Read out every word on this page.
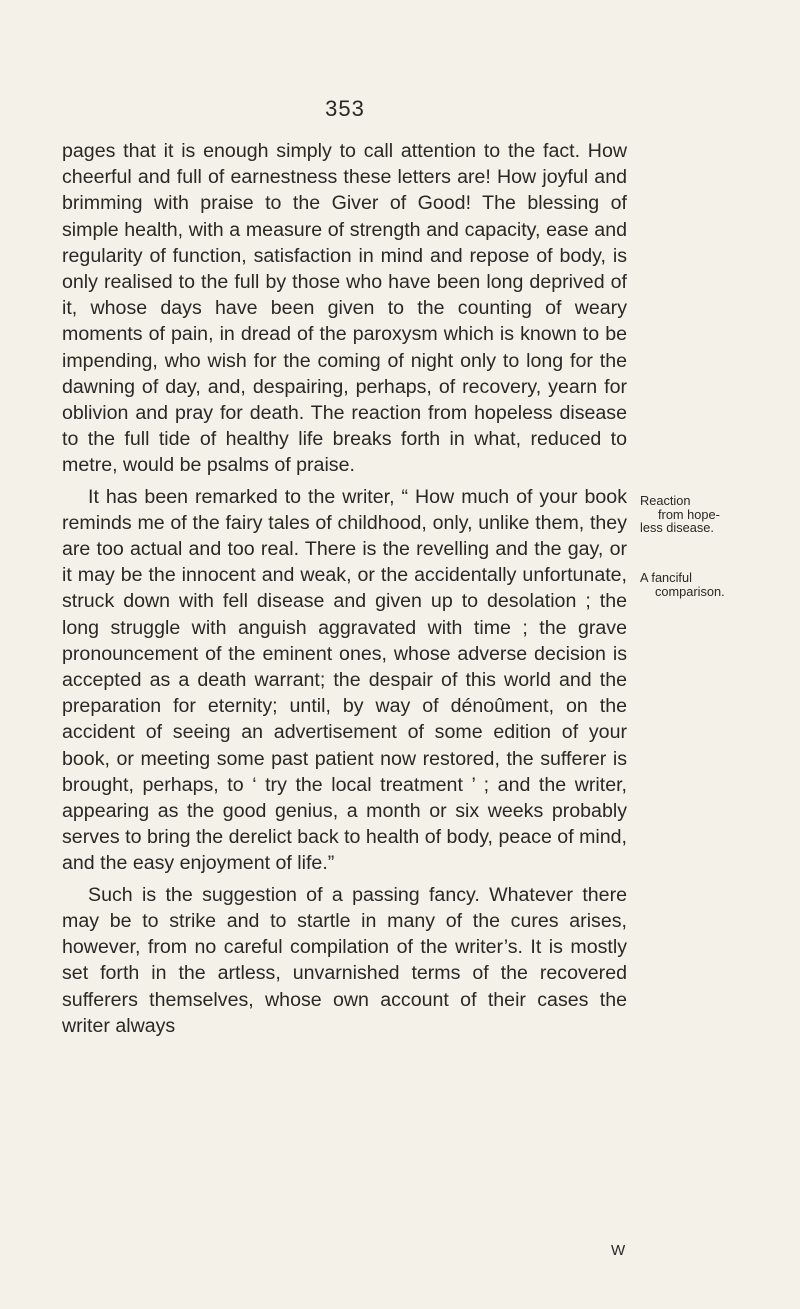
353

pages that it is enough simply to call attention to the fact. How cheerful and full of earnestness these letters are! How joyful and brimming with praise to the Giver of Good! The blessing of simple health, with a measure of strength and capacity, ease and regularity of function, satisfaction in mind and repose of body, is only realised to the full by those who have been long deprived of it, whose days have been given to the counting of weary moments of pain, in dread of the paroxysm which is known to be impending, who wish for the coming of night only to long for the dawning of day, and, despairing, perhaps, of recovery, yearn for oblivion and pray for death. The reaction from hopeless disease to the full tide of healthy life breaks forth in what, reduced to metre, would be psalms of praise.

It has been remarked to the writer, “ How much of your book reminds me of the fairy tales of childhood, only, unlike them, they are too actual and too real. There is the revelling and the gay, or it may be the innocent and weak, or the accidentally unfortunate, struck down with fell disease and given up to desolation ; the long struggle with anguish aggravated with time ; the grave pronouncement of the eminent ones, whose adverse decision is accepted as a death warrant; the despair of this world and the preparation for eternity; until, by way of dénoûment, on the accident of seeing an advertisement of some edition of your book, or meeting some past patient now restored, the sufferer is brought, perhaps, to ‘ try the local treatment ’ ; and the writer, appearing as the good genius, a month or six weeks probably serves to bring the derelict back to health of body, peace of mind, and the easy enjoyment of life.”

Such is the suggestion of a passing fancy. Whatever there may be to strike and to startle in many of the cures arises, however, from no careful compilation of the writer’s. It is mostly set forth in the artless, unvarnished terms of the recovered sufferers themselves, whose own account of their cases the writer always

Reaction
from hope-
less disease.
A fanciful
comparison.
W
